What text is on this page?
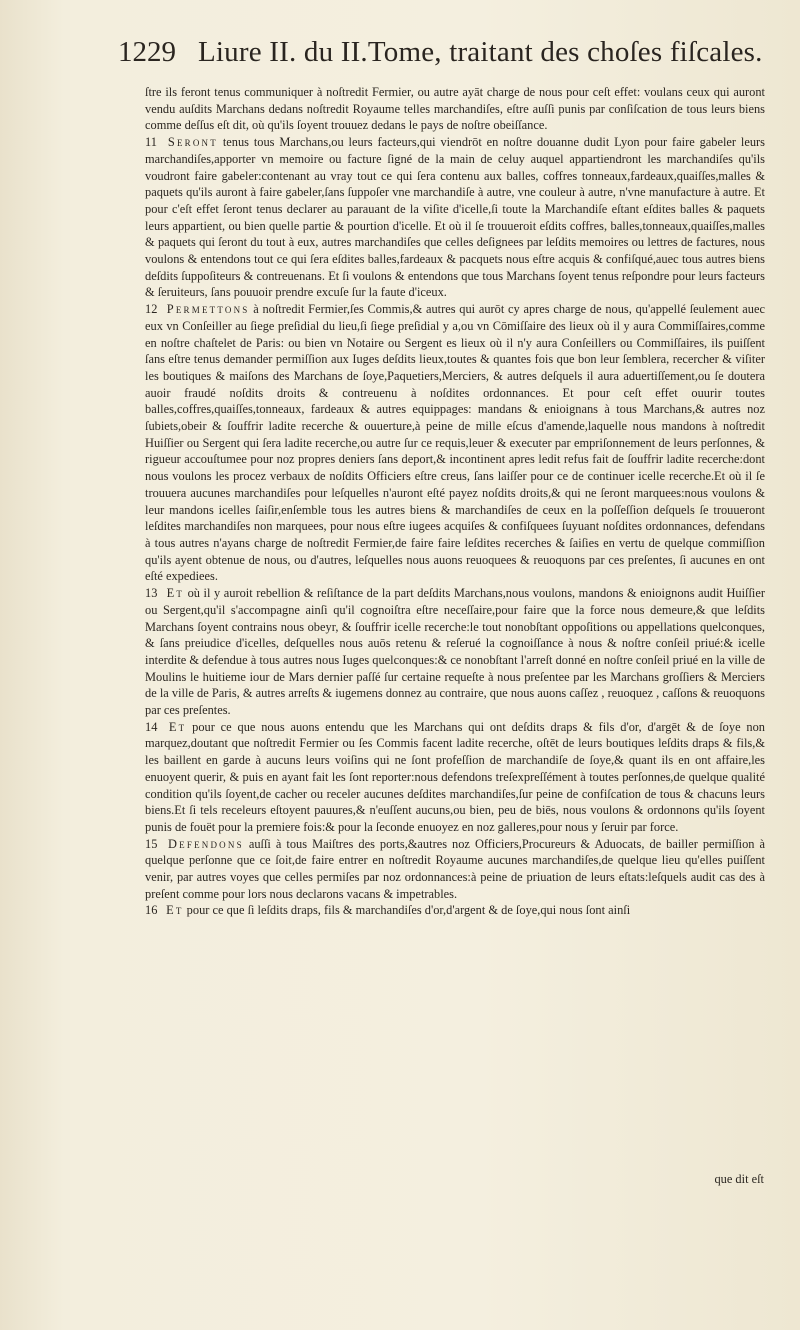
1229 Liure II. du II.Tome, traitant des choſes fiſcales.

ſtre ils feront tenus communiquer à noſtredit Fermier, ou autre ayāt charge de nous pour ceſt effet: voulans ceux qui auront vendu auſdits Marchans dedans noſtredit Royaume telles marchandiſes, eſtre auſſi punis par conſiſcation de tous leurs biens comme deſſus eſt dit, où qu'ils ſoyent trouuez dedans le pays de noſtre obeiſſance.

11 Seront tenus tous Marchans,ou leurs facteurs,qui viendrōt en noſtre douanne dudit Lyon pour faire gabeler leurs marchandiſes,apporter vn memoire ou facture ſigné de la main de celuy auquel appartiendront les marchandiſes qu'ils voudront faire gabeler:contenant au vray tout ce qui ſera contenu aux balles, coffres tonneaux,fardeaux,quaiſſes,malles & paquets qu'ils auront à faire gabeler,ſans ſuppoſer vne marchandiſe à autre, vne couleur à autre, n'vne manufacture à autre. Et pour c'eſt effet ſeront tenus declarer au parauant de la viſite d'icelle,ſi toute la Marchandiſe eſtant eſdites balles & paquets leurs appartient, ou bien quelle partie & pourtion d'icelle. Et où il ſe trouueroit eſdits coffres, balles,tonneaux,quaiſſes,malles & paquets qui ſeront du tout à eux, autres marchandiſes que celles deſignees par leſdits memoires ou lettres de factures, nous voulons & entendons tout ce qui ſera eſdites balles,fardeaux & pacquets nous eſtre acquis & confiſqué,auec tous autres biens deſdits ſuppoſiteurs & contreuenans. Et ſi voulons & entendons que tous Marchans ſoyent tenus reſpondre pour leurs facteurs & ſeruiteurs, ſans pouuoir prendre excuſe ſur la faute d'iceux.

12 Permettons à noſtredit Fermier,ſes Commis,& autres qui aurōt cy apres charge de nous, qu'appellé ſeulement auec eux vn Conſeiller au ſiege preſidial du lieu,ſi ſiege preſidial y a,ou vn Cōmiſſaire des lieux où il y aura Commiſſaires,comme en noſtre chaſtelet de Paris: ou bien vn Notaire ou Sergent es lieux où il n'y aura Conſeillers ou Commiſſaires, ils puiſſent ſans eſtre tenus demander permiſſion aux Iuges deſdits lieux,toutes & quantes fois que bon leur ſemblera, recercher & viſiter les boutiques & maiſons des Marchans de ſoye,Paquetiers,Merciers, & autres deſquels il aura aduertiſſement,ou ſe doutera auoir fraudé noſdits droits & contreuenu à noſdites ordonnances. Et pour ceſt effet ouurir toutes balles,coffres,quaiſſes,tonneaux, fardeaux & autres equippages: mandans & enioignans à tous Marchans,& autres noz ſubiets,obeir & ſouffrir ladite recerche & ouuerture,à peine de mille eſcus d'amende,laquelle nous mandons à noſtredit Huiſſier ou Sergent qui ſera ladite recerche,ou autre ſur ce requis,leuer & executer par empriſonnement de leurs perſonnes, & rigueur accouſtumee pour noz propres deniers ſans deport,& incontinent apres ledit refus fait de ſouffrir ladite recerche:dont nous voulons les procez verbaux de noſdits Officiers eſtre creus, ſans laiſſer pour ce de continuer icelle recerche.Et où il ſe trouuera aucunes marchandiſes pour leſquelles n'auront eſté payez noſdits droits,& qui ne ſeront marquees:nous voulons & leur mandons icelles ſaiſir,enſemble tous les autres biens & marchandiſes de ceux en la poſſeſſion deſquels ſe trouueront leſdites marchandiſes non marquees, pour nous eſtre iugees acquiſes & confiſquees ſuyuant noſdites ordonnances, defendans à tous autres n'ayans charge de noſtredit Fermier,de faire faire leſdites recerches & ſaiſies en vertu de quelque commiſſion qu'ils ayent obtenue de nous, ou d'autres, leſquelles nous auons reuoquees & reuoquons par ces preſentes, ſi aucunes en ont eſté expediees.

13 Et où il y auroit rebellion & reſiſtance de la part deſdits Marchans,nous voulons, mandons & enioignons audit Huiſſier ou Sergent,qu'il s'accompagne ainſi qu'il cognoiſtra eſtre neceſſaire,pour faire que la force nous demeure,& que leſdits Marchans ſoyent contrains nous obeyr, & ſouffrir icelle recerche:le tout nonobſtant oppoſitions ou appellations quelconques, & ſans preiudice d'icelles, deſquelles nous auōs retenu & reſerué la cognoiſſance à nous & noſtre conſeil priué:& icelle interdite & defendue à tous autres nous Iuges quelconques:& ce nonobſtant l'arreſt donné en noſtre conſeil priué en la ville de Moulins le huitieme iour de Mars dernier paſſé ſur certaine requeſte à nous preſentee par les Marchans groſſiers & Merciers de la ville de Paris, & autres arreſts & iugemens donnez au contraire, que nous auons caſſez , reuoquez , caſſons & reuoquons par ces preſentes.

14 Et pour ce que nous auons entendu que les Marchans qui ont deſdits draps & fils d'or, d'argēt & de ſoye non marquez,doutant que noſtredit Fermier ou ſes Commis facent ladite recerche, oſtēt de leurs boutiques leſdits draps & fils,& les baillent en garde à aucuns leurs voiſins qui ne ſont profeſſion de marchandiſe de ſoye,& quant ils en ont affaire,les enuoyent querir, & puis en ayant fait les ſont reporter:nous defendons treſexpreſſément à toutes perſonnes,de quelque qualité condition qu'ils ſoyent,de cacher ou receler aucunes deſdites marchandiſes,ſur peine de confiſcation de tous & chacuns leurs biens.Et ſi tels receleurs eſtoyent pauures,& n'euſſent aucuns,ou bien, peu de biēs, nous voulons & ordonnons qu'ils ſoyent punis de fouët pour la premiere fois:& pour la ſeconde enuoyez en noz galleres,pour nous y ſeruir par force.

15 Defendons auſſi à tous Maiſtres des ports,&autres noz Officiers,Procureurs & Aduocats, de bailler permiſſion à quelque perſonne que ce ſoit,de faire entrer en noſtredit Royaume aucunes marchandiſes,de quelque lieu qu'elles puiſſent venir, par autres voyes que celles permiſes par noz ordonnances:à peine de priuation de leurs eſtats:leſquels audit cas des à preſent comme pour lors nous declarons vacans & impetrables.

16 Et pour ce que ſi leſdits draps, fils & marchandiſes d'or,d'argent & de ſoye,qui nous ſont ainſi

que dit eſt
